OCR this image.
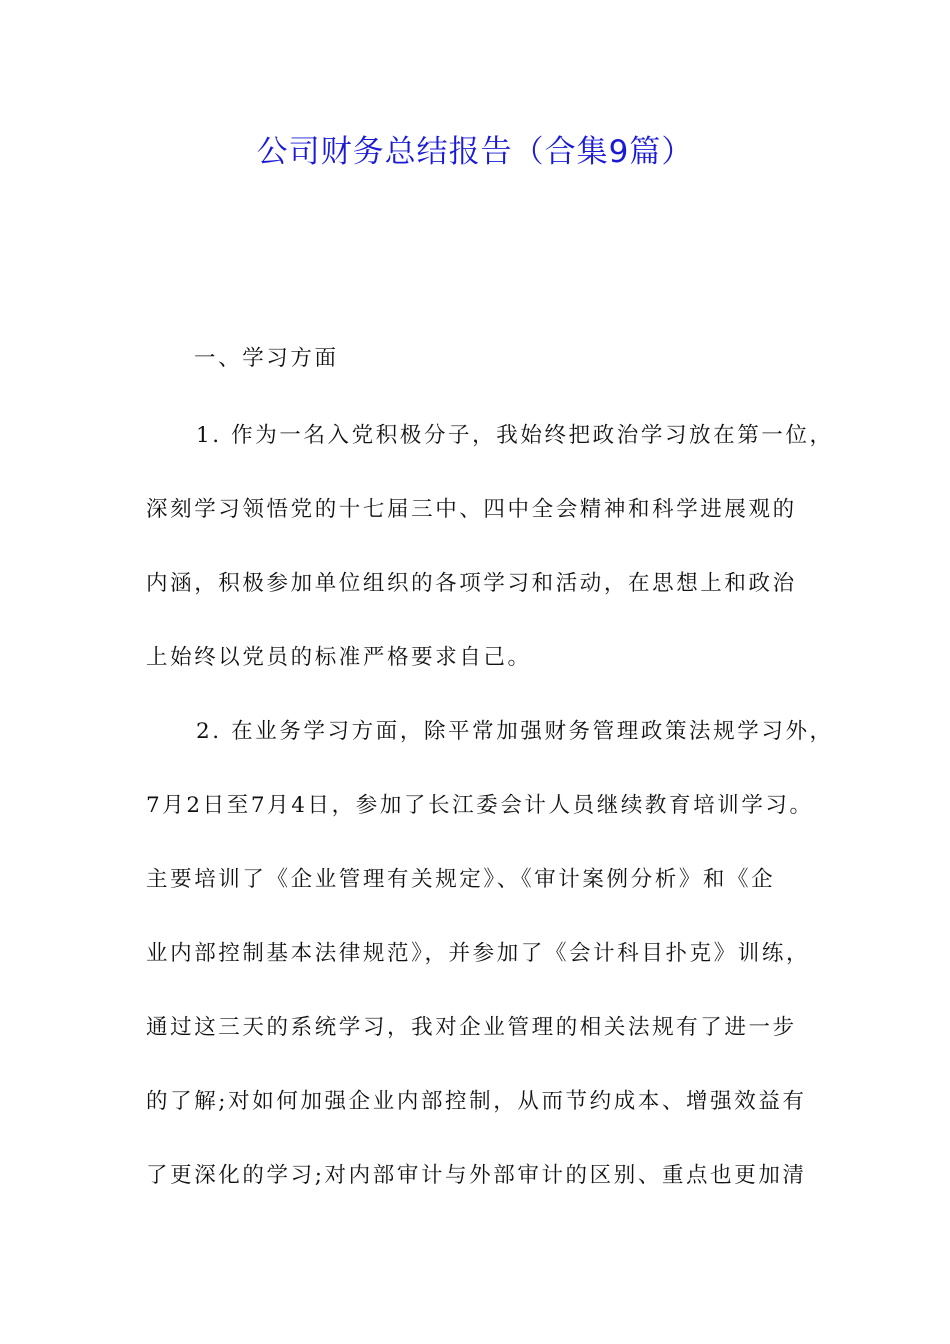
公司财务总结报告（合集9篇）
一、学习方面
1. 作为一名入党积极分子，我始终把政治学习放在第一位，
深刻学习领悟党的十七届三中、四中全会精神和科学进展观的
内涵，积极参加单位组织的各项学习和活动，在思想上和政治
上始终以党员的标准严格要求自己。
2. 在业务学习方面，除平常加强财务管理政策法规学习外，
7月2日至7月4日，参加了长江委会计人员继续教育培训学习。
主要培训了《企业管理有关规定》、《审计案例分析》和《企
业内部控制基本法律规范》，并参加了《会计科目扑克》训练，
通过这三天的系统学习，我对企业管理的相关法规有了进一步
的了解;对如何加强企业内部控制，从而节约成本、增强效益有
了更深化的学习;对内部审计与外部审计的区别、重点也更加清
